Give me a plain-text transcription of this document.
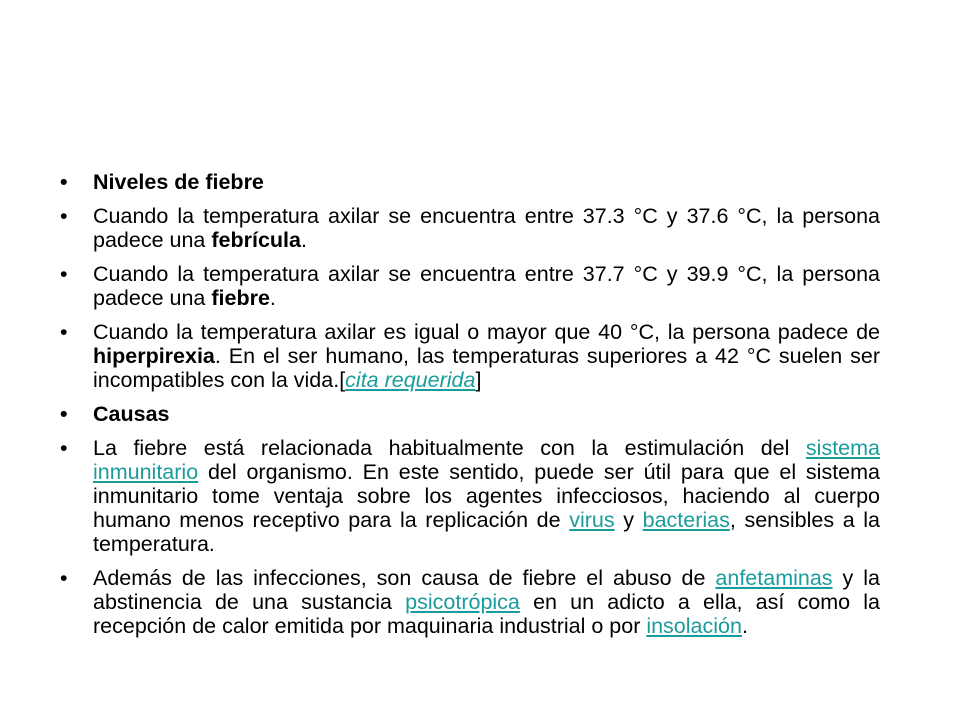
• Niveles de fiebre
• Cuando la temperatura axilar se encuentra entre 37.3 °C y 37.6 °C, la persona padece una febrícula.
• Cuando la temperatura axilar se encuentra entre 37.7 °C y 39.9 °C, la persona padece una fiebre.
• Cuando la temperatura axilar es igual o mayor que 40 °C, la persona padece de hiperpirexia. En el ser humano, las temperaturas superiores a 42 °C suelen ser incompatibles con la vida.[cita requerida]
• Causas
• La fiebre está relacionada habitualmente con la estimulación del sistema inmunitario del organismo. En este sentido, puede ser útil para que el sistema inmunitario tome ventaja sobre los agentes infecciosos, haciendo al cuerpo humano menos receptivo para la replicación de virus y bacterias, sensibles a la temperatura.
• Además de las infecciones, son causa de fiebre el abuso de anfetaminas y la abstinencia de una sustancia psicotrópica en un adicto a ella, así como la recepción de calor emitida por maquinaria industrial o por insolación.
